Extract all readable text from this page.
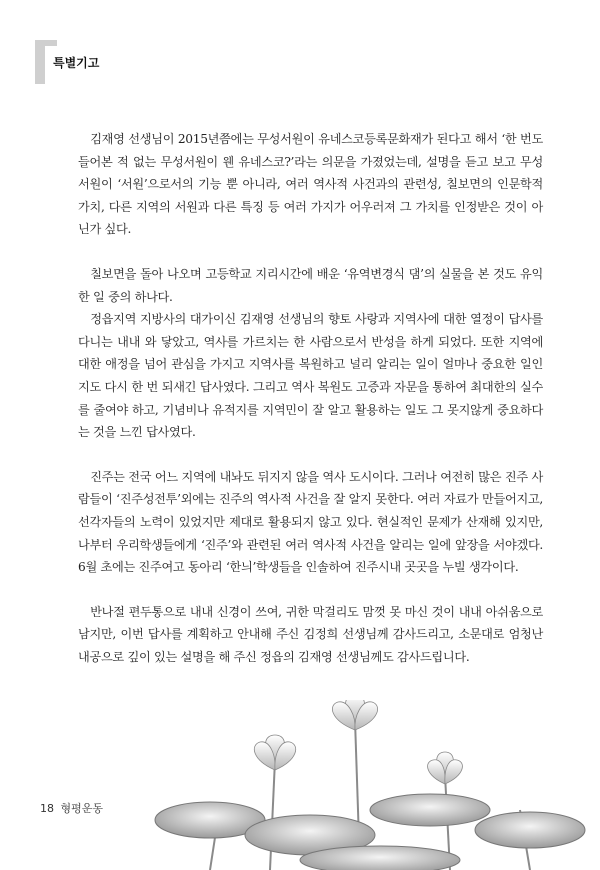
특별기고

김재영 선생님이 2015년쯤에는 무성서원이 유네스코등록문화재가 된다고 해서 ‘한 번도 들어본 적 없는 무성서원이 웬 유네스코?’라는 의문을 가졌었는데, 설명을 듣고 보고 무성서원이 ‘서원’으로서의 기능 뿐 아니라, 여러 역사적 사건과의 관련성, 칠보면의 인문학적 가치, 다른 지역의 서원과 다른 특징 등 여러 가지가 어우러져 그 가치를 인정받은 것이 아닌가 싶다.

칠보면을 돌아 나오며 고등학교 지리시간에 배운 ‘유역변경식 댐’의 실물을 본 것도 유익한 일 중의 하나다.

정읍지역 지방사의 대가이신 김재영 선생님의 향토 사랑과 지역사에 대한 열정이 답사를 다니는 내내 와 닿았고, 역사를 가르치는 한 사람으로서 반성을 하게 되었다. 또한 지역에 대한 애정을 넘어 관심을 가지고 지역사를 복원하고 널리 알리는 일이 얼마나 중요한 일인지도 다시 한 번 되새긴 답사였다. 그리고 역사 복원도 고증과 자문을 통하여 최대한의 실수를 줄여야 하고, 기념비나 유적지를 지역민이 잘 알고 활용하는 일도 그 못지않게 중요하다는 것을 느낀 답사였다.

진주는 전국 어느 지역에 내놔도 뒤지지 않을 역사 도시이다. 그러나 여전히 많은 진주 사람들이 ‘진주성전투’외에는 진주의 역사적 사건을 잘 알지 못한다. 여러 자료가 만들어지고, 선각자들의 노력이 있었지만 제대로 활용되지 않고 있다. 현실적인 문제가 산재해 있지만, 나부터 우리학생들에게 ‘진주’와 관련된 여러 역사적 사건을 알리는 일에 앞장을 서야겠다. 6월 초에는 진주여고 동아리 ‘한늬’학생들을 인솔하여 진주시내 곳곳을 누빌 생각이다.

반나절 편두통으로 내내 신경이 쓰여, 귀한 막걸리도 맘껏 못 마신 것이 내내 아쉬움으로 남지만, 이번 답사를 계획하고 안내해 주신 김정희 선생님께 감사드리고, 소문대로 엄청난 내공으로 깊이 있는 설명을 해 주신 정읍의 김재영 선생님께도 감사드립니다.

18 형평운동
